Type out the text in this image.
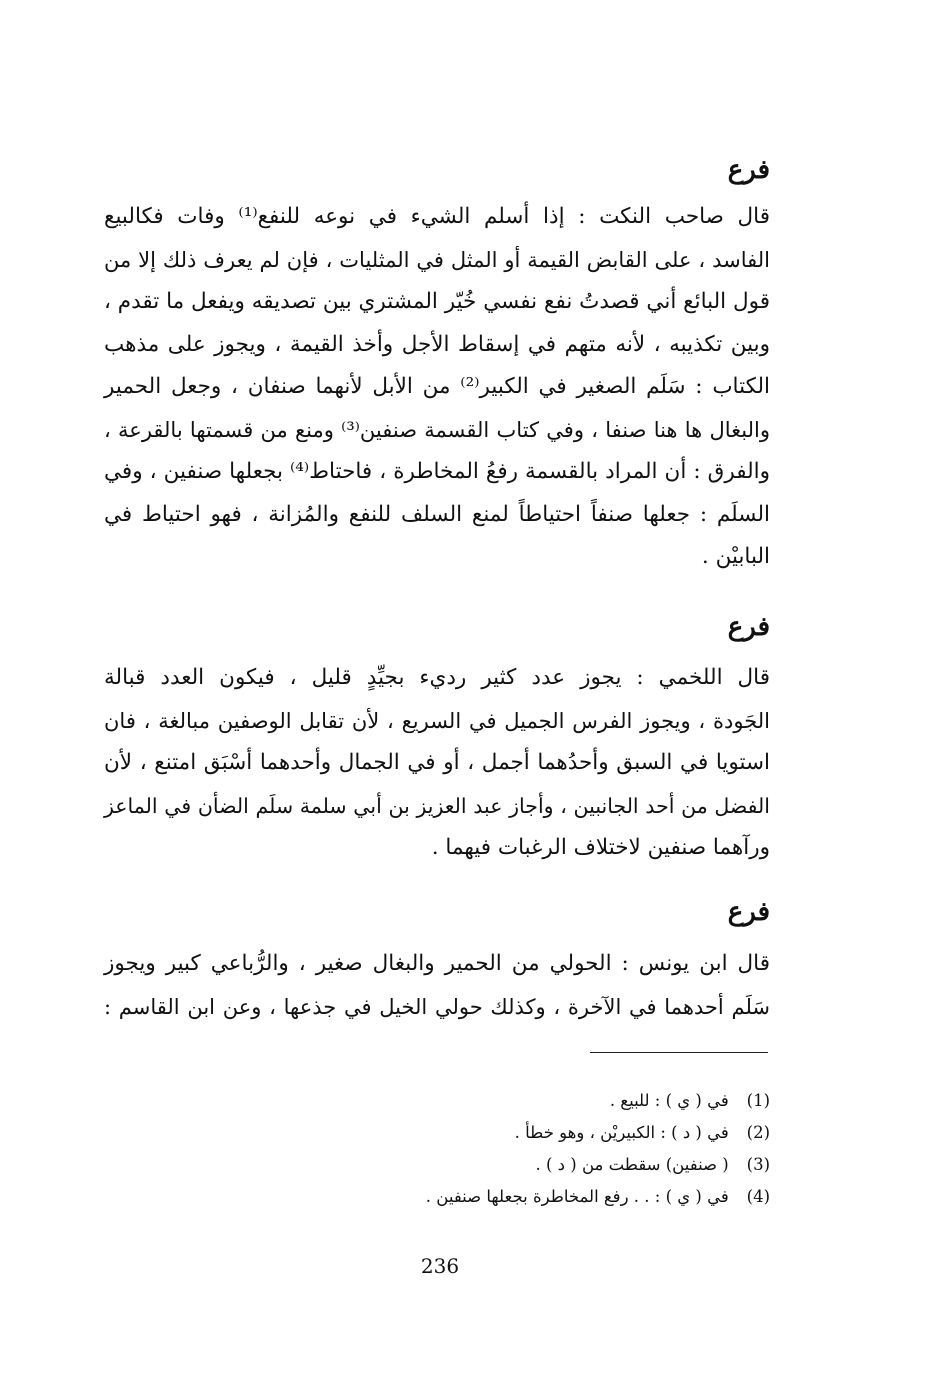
فرع
قال صاحب النكت : إذا أسلم الشيء في نوعه للنفع⁽¹⁾ وفات فكالبيع
الفاسد ، على القابض القيمة أو المثل في المثليات ، فإن لم يعرف ذلك إلا من
قول البائع أني قصدتُ نفع نفسي خُيّر المشتري بين تصديقه ويفعل ما تقدم ،
وبين تكذيبه ، لأنه متهم في إسقاط الأجل وأخذ القيمة ، ويجوز على مذهب
الكتاب : سَلَم الصغير في الكبير⁽²⁾ من الأبل لأنهما صنفان ، وجعل الحمير
والبغال ها هنا صنفا ، وفي كتاب القسمة صنفين⁽³⁾ ومنع من قسمتها بالقرعة ،
والفرق : أن المراد بالقسمة رفعُ المخاطرة ، فاحتاط⁽⁴⁾ بجعلها صنفين ، وفي
السلَم : جعلها صنفاً احتياطاً لمنع السلف للنفع والمُزانة ، فهو احتياط في
البابيْن .
فرع
قال اللخمي : يجوز عدد كثير رديء بجيِّدٍ قليل ، فيكون العدد قبالة
الجَودة ، ويجوز الفرس الجميل في السريع ، لأن تقابل الوصفين مبالغة ، فان
استويا في السبق وأحدُهما أجمل ، أو في الجمال وأحدهما أسْبَق امتنع ، لأن
الفضل من أحد الجانبين ، وأجاز عبد العزيز بن أبي سلمة سلَم الضأن في الماعز
ورآهما صنفين لاختلاف الرغبات فيهما .
فرع
قال ابن يونس : الحولي من الحمير والبغال صغير ، والرُّباعي كبير ويجوز
سَلَم أحدهما في الآخرة ، وكذلك حولي الخيل في جذعها ، وعن ابن القاسم :
(1) في ( ي ) : للبيع .
(2) في ( د ) : الكبيريْن ، وهو خطأ .
(3) ( صنفين) سقطت من ( د ) .
(4) في ( ي ) : . . رفع المخاطرة بجعلها صنفين .
236
